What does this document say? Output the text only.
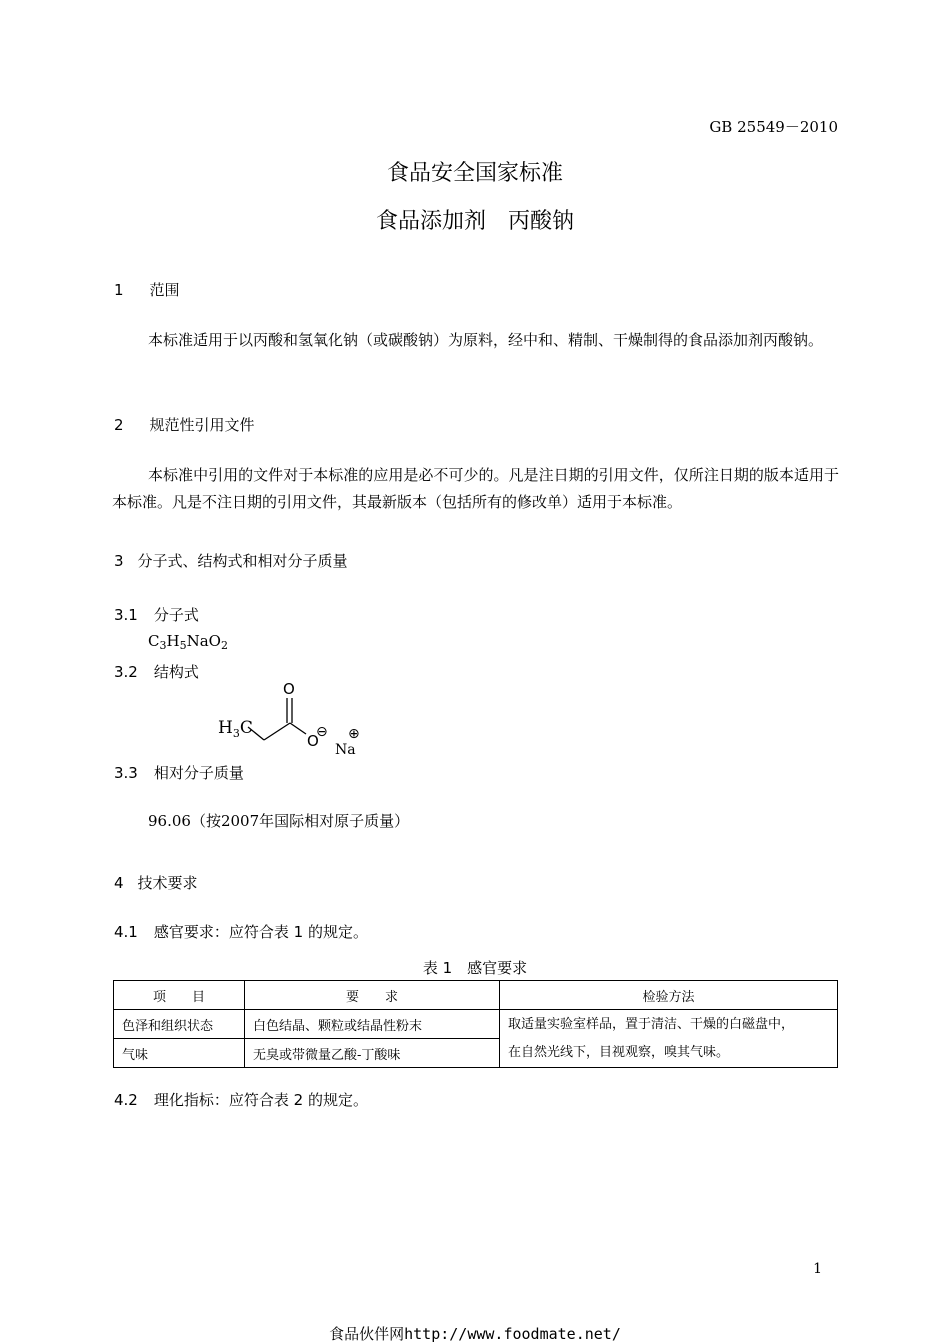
GB 25549－2010
食品安全国家标准
食品添加剂　丙酸钠
1 范围
本标准适用于以丙酸和氢氧化钠（或碳酸钠）为原料，经中和、精制、干燥制得的食品添加剂丙酸钠。
2 规范性引用文件
本标准中引用的文件对于本标准的应用是必不可少的。凡是注日期的引用文件，仅所注日期的版本适用于本标准。凡是不注日期的引用文件，其最新版本（包括所有的修改单）适用于本标准。
3 分子式、结构式和相对分子质量
3.1 分子式
$C_3H_5NaO_2$
3.2 结构式
$H_3C$
O
O
⊖
Na
⊕
3.3 相对分子质量
96.06（按2007年国际相对原子质量）
4 技术要求
4.1 感官要求：应符合表 1 的规定。
表 1　感官要求
项　　目	要　　求	检验方法
色泽和组织状态	白色结晶、颗粒或结晶性粉末	取适量实验室样品，置于清洁、干燥的白磁盘中，
在自然光线下，目视观察，嗅其气味。
气味	无臭或带微量乙酸-丁酸味	
4.2 理化指标：应符合表 2 的规定。
1
食品伙伴网http://www.foodmate.net/
